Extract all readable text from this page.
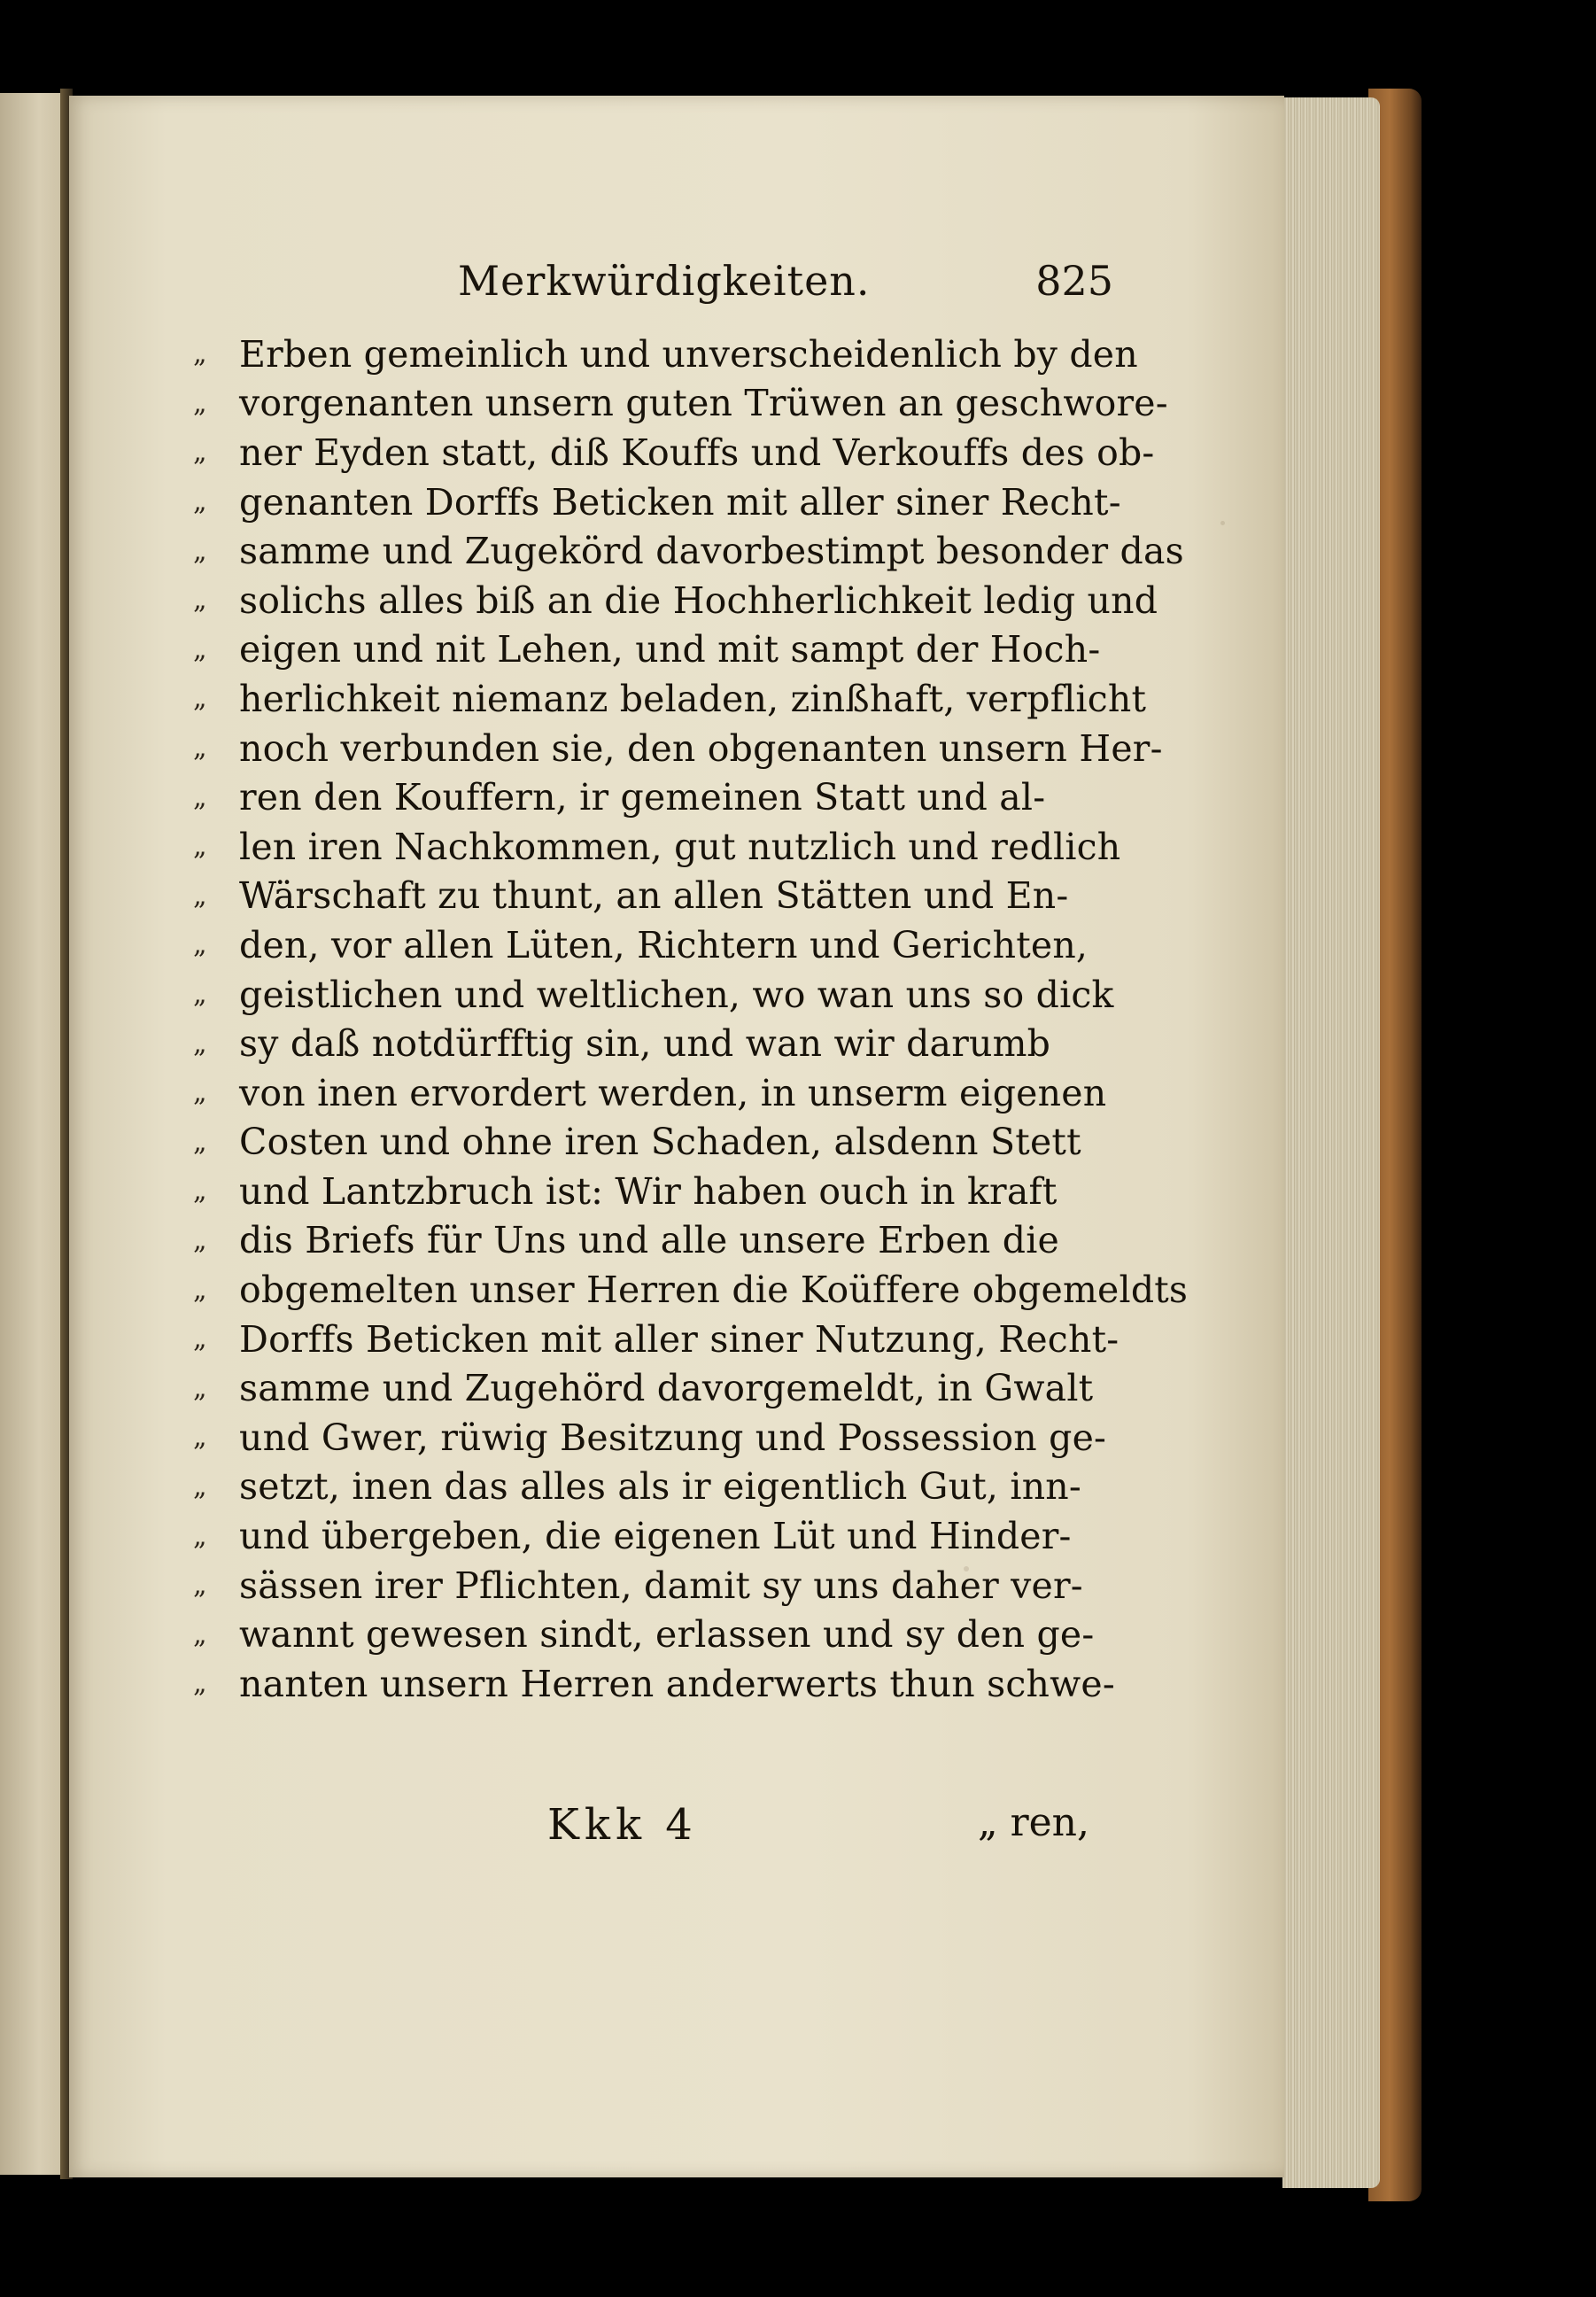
Merkwürdigkeiten.	825
„ Erben gemeinlich und unverscheidenlich by den
„ vorgenanten unsern guten Trüwen an geschwore-
„ ner Eyden statt, diß Kouffs und Verkouffs des ob-
„ genanten Dorffs Beticken mit aller siner Recht-
„ samme und Zugekörd davorbestimpt besonder das
„ solichs alles biß an die Hochherlichkeit ledig und
„ eigen und nit Lehen, und mit sampt der Hoch-
„ herlichkeit niemanz beladen, zinßhaft, verpflicht
„ noch verbunden sie, den obgenanten unsern Her-
„ ren den Kouffern, ir gemeinen Statt und al-
„ len iren Nachkommen, gut nutzlich und redlich
„ Wärschaft zu thunt, an allen Stätten und En-
„ den, vor allen Lüten, Richtern und Gerichten,
„ geistlichen und weltlichen, wo wan uns so dick
„ sy daß notdürfftig sin, und wan wir darumb
„ von inen ervordert werden, in unserm eigenen
„ Costen und ohne iren Schaden, alsdenn Stett
„ und Lantzbruch ist: Wir haben ouch in kraft
„ dis Briefs für Uns und alle unsere Erben die
„ obgemelten unser Herren die Koüffere obgemeldts
„ Dorffs Beticken mit aller siner Nutzung, Recht-
„ samme und Zugehörd davorgemeldt, in Gwalt
„ und Gwer, rüwig Besitzung und Possession ge-
„ setzt, inen das alles als ir eigentlich Gut, inn-
„ und übergeben, die eigenen Lüt und Hinder-
„ sässen irer Pflichten, damit sy uns daher ver-
„ wannt gewesen sindt, erlassen und sy den ge-
„ nanten unsern Herren anderwerts thun schwe-
Kkk 4	„ ren,
